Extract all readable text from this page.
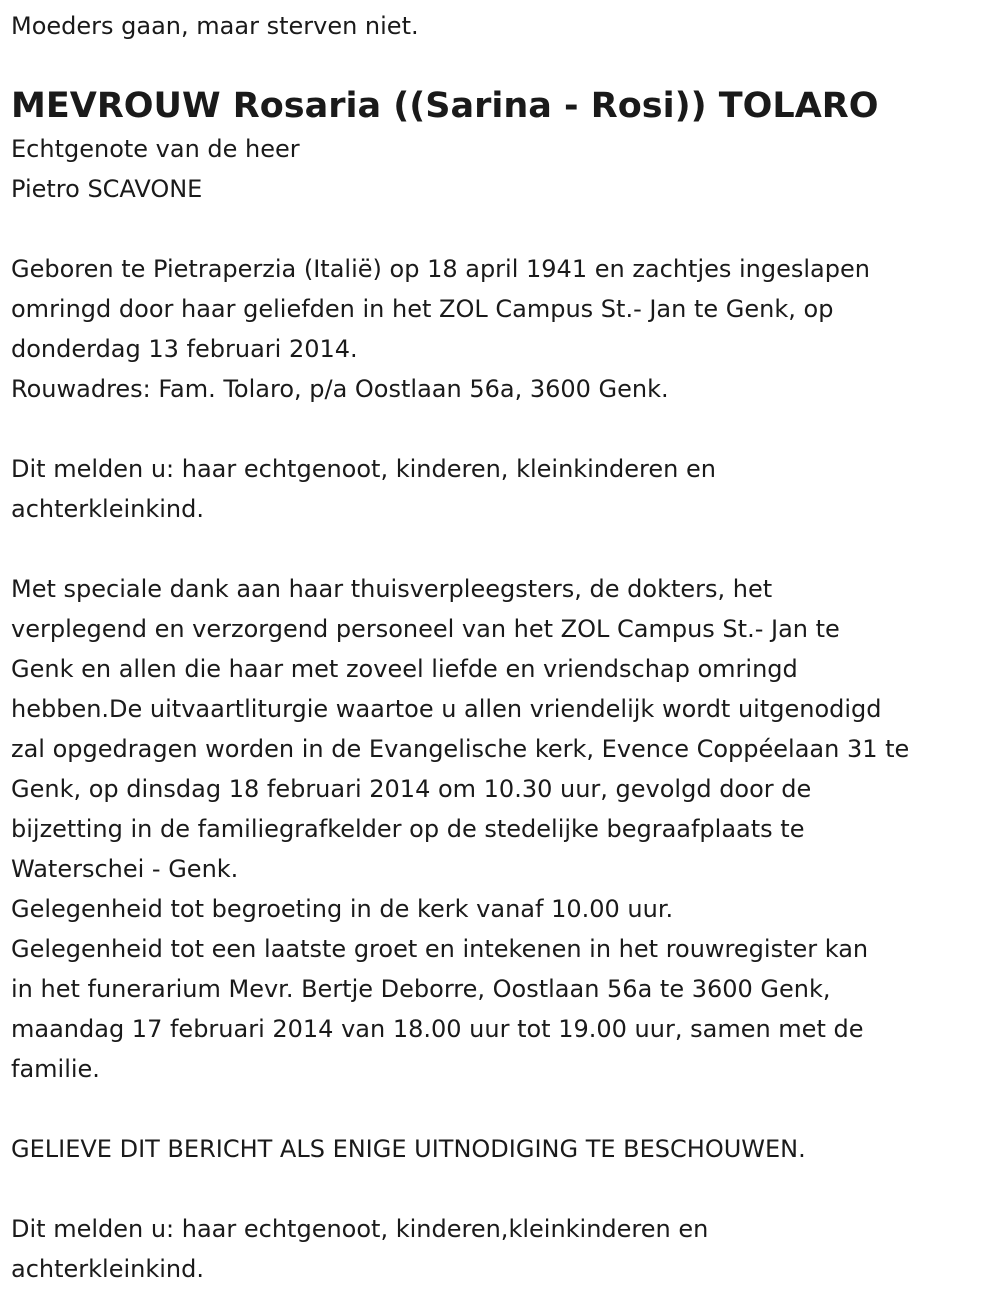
Moeders gaan, maar sterven niet.

MEVROUW Rosaria ((Sarina - Rosi)) TOLARO
Echtgenote van de heer
Pietro SCAVONE
Geboren te Pietraperzia (Italië) op 18 april 1941 en zachtjes ingeslapen
omringd door haar geliefden in het ZOL Campus St.- Jan te Genk, op
donderdag 13 februari 2014.
Rouwadres: Fam. Tolaro, p/a Oostlaan 56a, 3600 Genk.
Dit melden u: haar echtgenoot, kinderen, kleinkinderen en
achterkleinkind.
Met speciale dank aan haar thuisverpleegsters, de dokters, het
verplegend en verzorgend personeel van het ZOL Campus St.- Jan te
Genk en allen die haar met zoveel liefde en vriendschap omringd
hebben.De uitvaartliturgie waartoe u allen vriendelijk wordt uitgenodigd
zal opgedragen worden in de Evangelische kerk, Evence Coppéelaan 31 te
Genk, op dinsdag 18 februari 2014 om 10.30 uur, gevolgd door de
bijzetting in de familiegrafkelder op de stedelijke begraafplaats te
Waterschei - Genk.
Gelegenheid tot begroeting in de kerk vanaf 10.00 uur.
Gelegenheid tot een laatste groet en intekenen in het rouwregister kan
in het funerarium Mevr. Bertje Deborre, Oostlaan 56a te 3600 Genk,
maandag 17 februari 2014 van 18.00 uur tot 19.00 uur, samen met de
familie.
GELIEVE DIT BERICHT ALS ENIGE UITNODIGING TE BESCHOUWEN.
Dit melden u: haar echtgenoot, kinderen,kleinkinderen en
achterkleinkind.
